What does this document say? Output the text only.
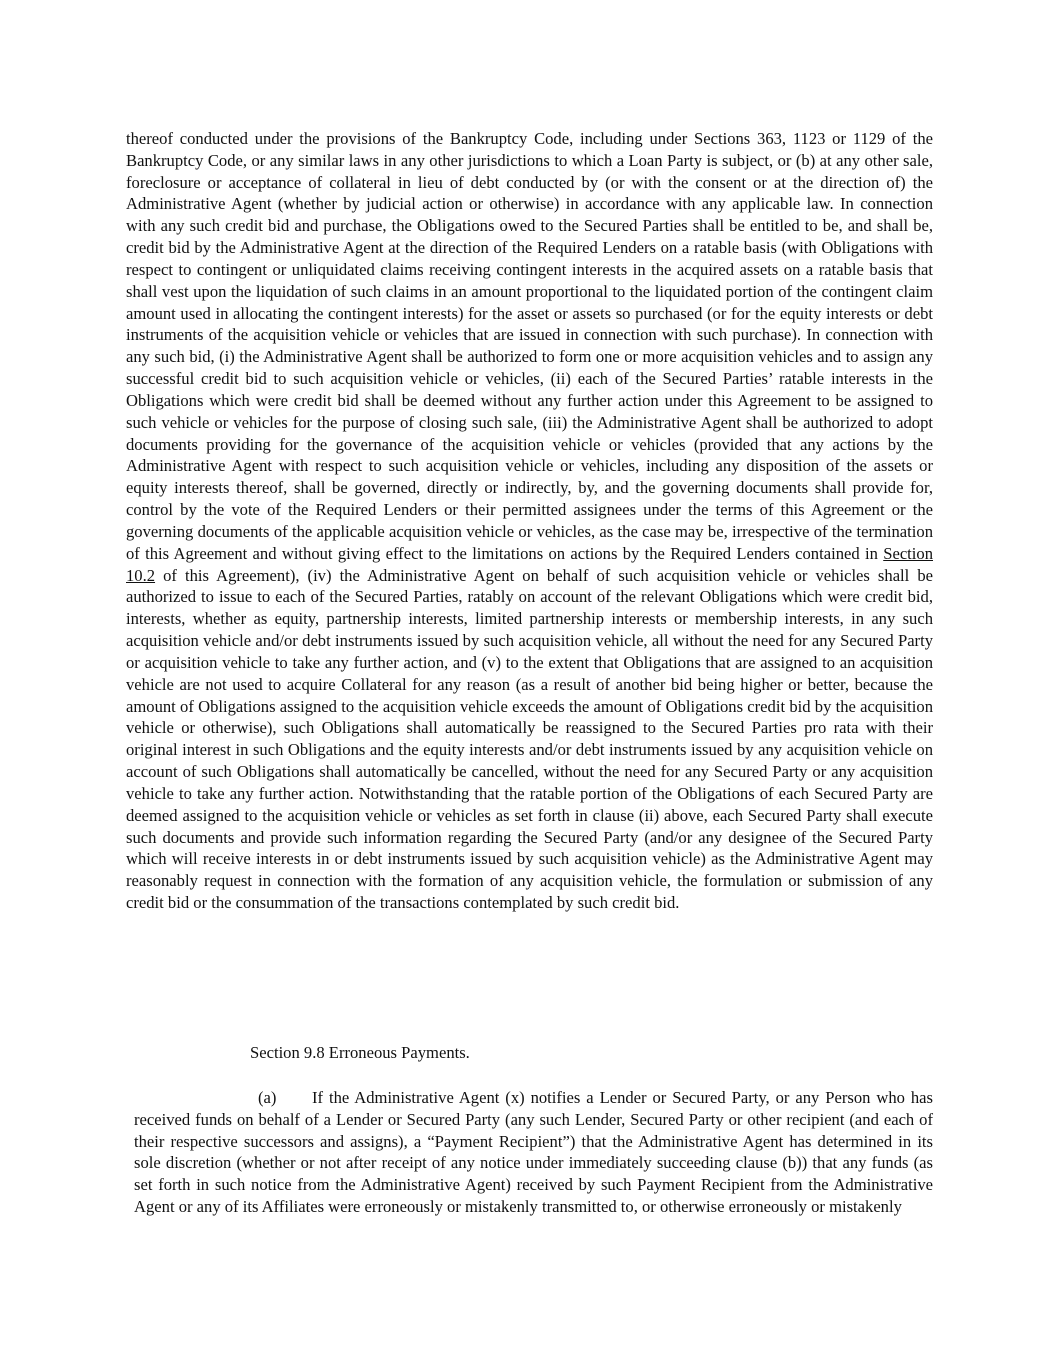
thereof conducted under the provisions of the Bankruptcy Code, including under Sections 363, 1123 or 1129 of the Bankruptcy Code, or any similar laws in any other jurisdictions to which a Loan Party is subject, or (b) at any other sale, foreclosure or acceptance of collateral in lieu of debt conducted by (or with the consent or at the direction of) the Administrative Agent (whether by judicial action or otherwise) in accordance with any applicable law. In connection with any such credit bid and purchase, the Obligations owed to the Secured Parties shall be entitled to be, and shall be, credit bid by the Administrative Agent at the direction of the Required Lenders on a ratable basis (with Obligations with respect to contingent or unliquidated claims receiving contingent interests in the acquired assets on a ratable basis that shall vest upon the liquidation of such claims in an amount proportional to the liquidated portion of the contingent claim amount used in allocating the contingent interests) for the asset or assets so purchased (or for the equity interests or debt instruments of the acquisition vehicle or vehicles that are issued in connection with such purchase). In connection with any such bid, (i) the Administrative Agent shall be authorized to form one or more acquisition vehicles and to assign any successful credit bid to such acquisition vehicle or vehicles, (ii) each of the Secured Parties’ ratable interests in the Obligations which were credit bid shall be deemed without any further action under this Agreement to be assigned to such vehicle or vehicles for the purpose of closing such sale, (iii) the Administrative Agent shall be authorized to adopt documents providing for the governance of the acquisition vehicle or vehicles (provided that any actions by the Administrative Agent with respect to such acquisition vehicle or vehicles, including any disposition of the assets or equity interests thereof, shall be governed, directly or indirectly, by, and the governing documents shall provide for, control by the vote of the Required Lenders or their permitted assignees under the terms of this Agreement or the governing documents of the applicable acquisition vehicle or vehicles, as the case may be, irrespective of the termination of this Agreement and without giving effect to the limitations on actions by the Required Lenders contained in Section 10.2 of this Agreement), (iv) the Administrative Agent on behalf of such acquisition vehicle or vehicles shall be authorized to issue to each of the Secured Parties, ratably on account of the relevant Obligations which were credit bid, interests, whether as equity, partnership interests, limited partnership interests or membership interests, in any such acquisition vehicle and/or debt instruments issued by such acquisition vehicle, all without the need for any Secured Party or acquisition vehicle to take any further action, and (v) to the extent that Obligations that are assigned to an acquisition vehicle are not used to acquire Collateral for any reason (as a result of another bid being higher or better, because the amount of Obligations assigned to the acquisition vehicle exceeds the amount of Obligations credit bid by the acquisition vehicle or otherwise), such Obligations shall automatically be reassigned to the Secured Parties pro rata with their original interest in such Obligations and the equity interests and/or debt instruments issued by any acquisition vehicle on account of such Obligations shall automatically be cancelled, without the need for any Secured Party or any acquisition vehicle to take any further action. Notwithstanding that the ratable portion of the Obligations of each Secured Party are deemed assigned to the acquisition vehicle or vehicles as set forth in clause (ii) above, each Secured Party shall execute such documents and provide such information regarding the Secured Party (and/or any designee of the Secured Party which will receive interests in or debt instruments issued by such acquisition vehicle) as the Administrative Agent may reasonably request in connection with the formation of any acquisition vehicle, the formulation or submission of any credit bid or the consummation of the transactions contemplated by such credit bid.

Section 9.8 Erroneous Payments.

(a) If the Administrative Agent (x) notifies a Lender or Secured Party, or any Person who has received funds on behalf of a Lender or Secured Party (any such Lender, Secured Party or other recipient (and each of their respective successors and assigns), a “Payment Recipient”) that the Administrative Agent has determined in its sole discretion (whether or not after receipt of any notice under immediately succeeding clause (b)) that any funds (as set forth in such notice from the Administrative Agent) received by such Payment Recipient from the Administrative Agent or any of its Affiliates were erroneously or mistakenly transmitted to, or otherwise erroneously or mistakenly
